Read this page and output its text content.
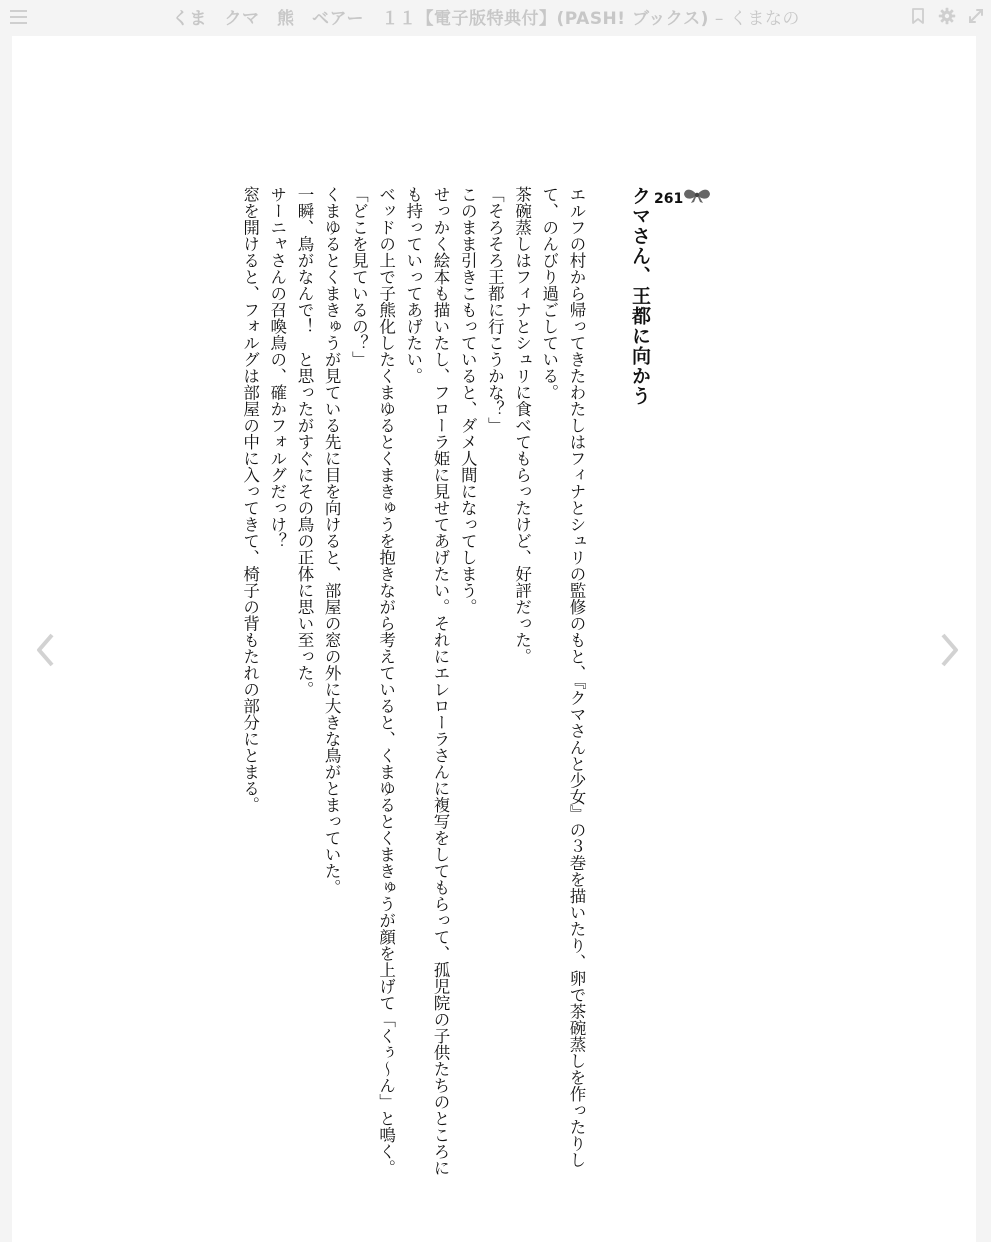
くま　クマ　熊　ベアー　１１【電子版特典付】(PASH! ブックス) – くまなの
261
クマさん、王都に向かう

エルフの村から帰ってきたわたしはフィナとシュリの監修のもと、『クマさんと少女』の３巻を描いたり、卵で茶碗蒸しを作ったりして、のんびり過ごしている。

茶碗蒸しはフィナとシュリに食べてもらったけど、好評だった。

「そろそろ王都に行こうかな？」

このまま引きこもっていると、ダメ人間になってしまう。

せっかく絵本も描いたし、フローラ姫に見せてあげたい。それにエレローラさんに複写をしてもらって、孤児院の子供たちのところにも持っていってあげたい。

ベッドの上で子熊化したくまゆるとくまきゅうを抱きながら考えていると、くまゆるとくまきゅうが顔を上げて「くぅ～ん」と鳴く。

「どこを見ているの？」

くまゆるとくまきゅうが見ている先に目を向けると、部屋の窓の外に大きな鳥がとまっていた。

一瞬、鳥がなんで！　と思ったがすぐにその鳥の正体に思い至った。

サーニャさんの召喚鳥の、確かフォルグだっけ？

窓を開けると、フォルグは部屋の中に入ってきて、椅子の背もたれの部分にとまる。
